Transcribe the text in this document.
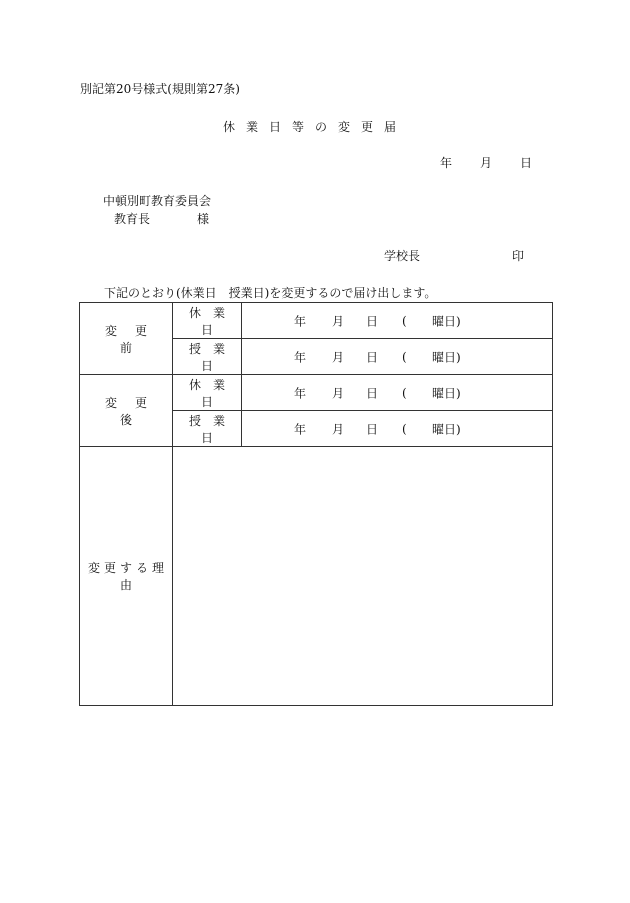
別記第20号様式(規則第27条)
休業日等の変更届
年 月 日
中頓別町教育委員会
教育長	様
学校長	印
下記のとおり(休業日　授業日)を変更するので届け出します。
変更前	休業日	年 月 日 ( 曜日)

	授業日	年 月 日 ( 曜日)

変更後	休業日	年 月 日 ( 曜日)

	授業日	年 月 日 ( 曜日)

変更する理由		
